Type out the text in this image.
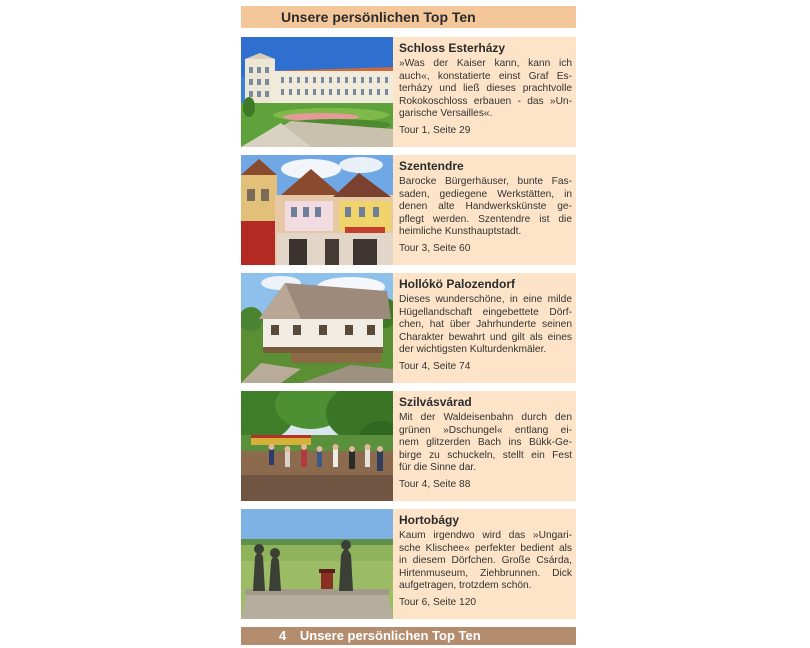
Unsere persönlichen Top Ten
Schloss Esterházy
»Was der Kaiser kann, kann ich
auch«, konstatierte einst Graf Es-
terházy und ließ dieses prachtvolle
Rokokoschloss erbauen - das »Un-
garische Versailles«.
Tour 1, Seite 29
Szentendre
Barocke Bürgerhäuser, bunte Fas-
saden, gediegene Werkstätten, in
denen alte Handwerkskünste ge-
pflegt werden. Szentendre ist die
heimliche Kunsthauptstadt.
Tour 3, Seite 60
Hollókö Palozendorf
Dieses wunderschöne, in eine milde
Hügellandschaft eingebettete Dörf-
chen, hat über Jahrhunderte seinen
Charakter bewahrt und gilt als eines
der wichtigsten Kulturdenkmäler.
Tour 4, Seite 74
Szilvásvárad
Mit der Waldeisenbahn durch den
grünen »Dschungel« entlang ei-
nem glitzerden Bach ins Bükk-Ge-
birge zu schuckeln, stellt ein Fest
für die Sinne dar.
Tour 4, Seite 88
Hortobágy
Kaum irgendwo wird das »Ungari-
sche Klischee« perfekter bedient als
in diesem Dörfchen. Große Csárda,
Hirtenmuseum, Ziehbrunnen. Dick
aufgetragen, trotzdem schön.
Tour 6, Seite 120
4 Unsere persönlichen Top Ten
